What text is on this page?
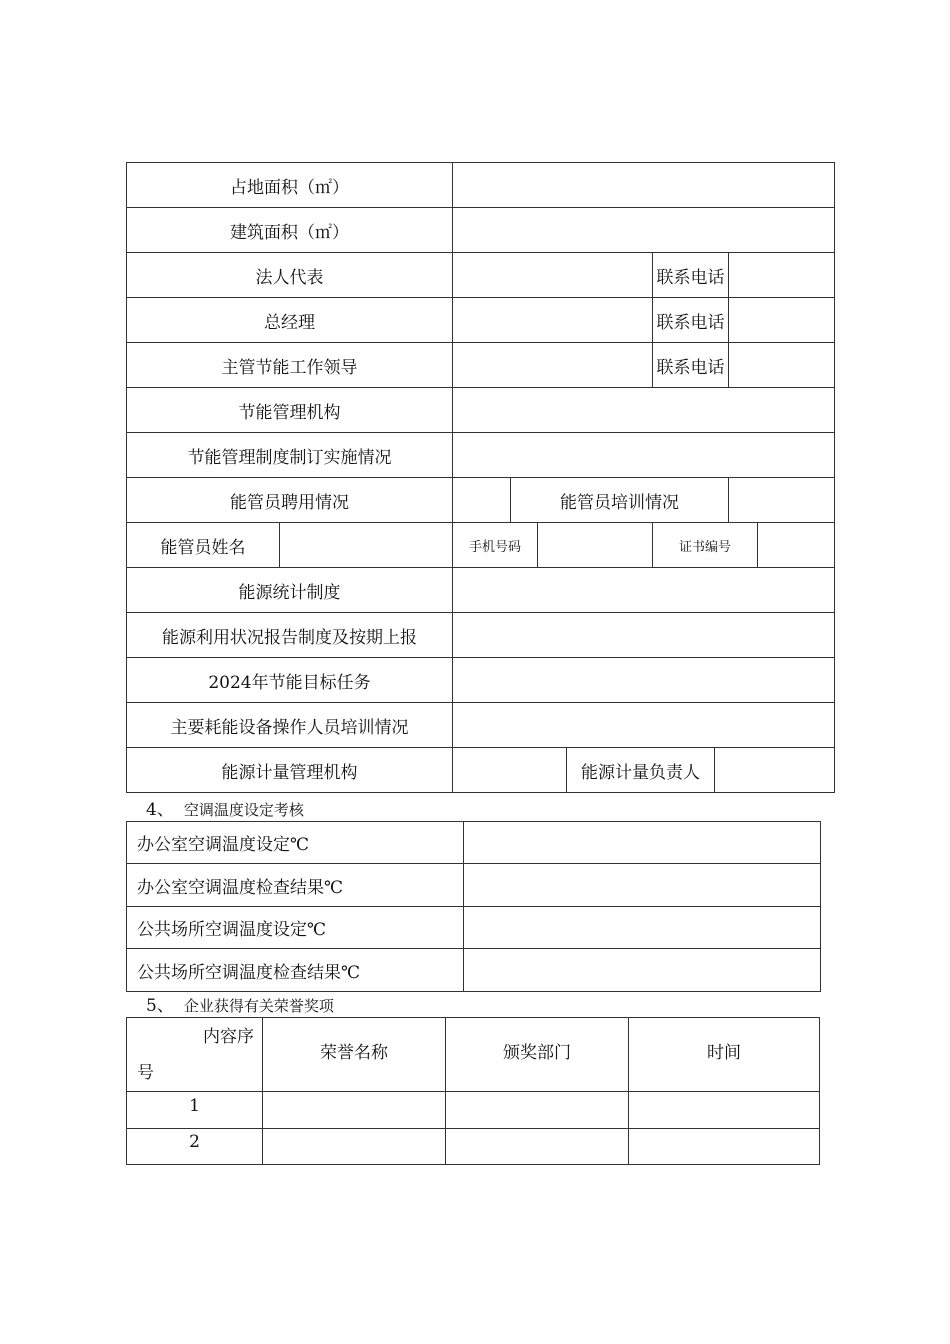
占地面积（㎡）									
建筑面积（㎡）									
法人代表						联系电话			
总经理						联系电话			
主管节能工作领导						联系电话			
节能管理机构									
节能管理制度制订实施情况									
能管员聘用情况			能管员培训情况						
能管员姓名		手机号码				证书编号			
能源统计制度									
能源利用状况报告制度及按期上报									
2024年节能目标任务									
主要耗能设备操作人员培训情况									
能源计量管理机构					能源计量负责人				
4、 空调温度设定考核
办公室空调温度设定℃	
办公室空调温度检查结果℃	
公共场所空调温度设定℃	
公共场所空调温度检查结果℃	
5、 企业获得有关荣誉奖项
内容序
号	荣誉名称	颁奖部门	时间
1			
2			
